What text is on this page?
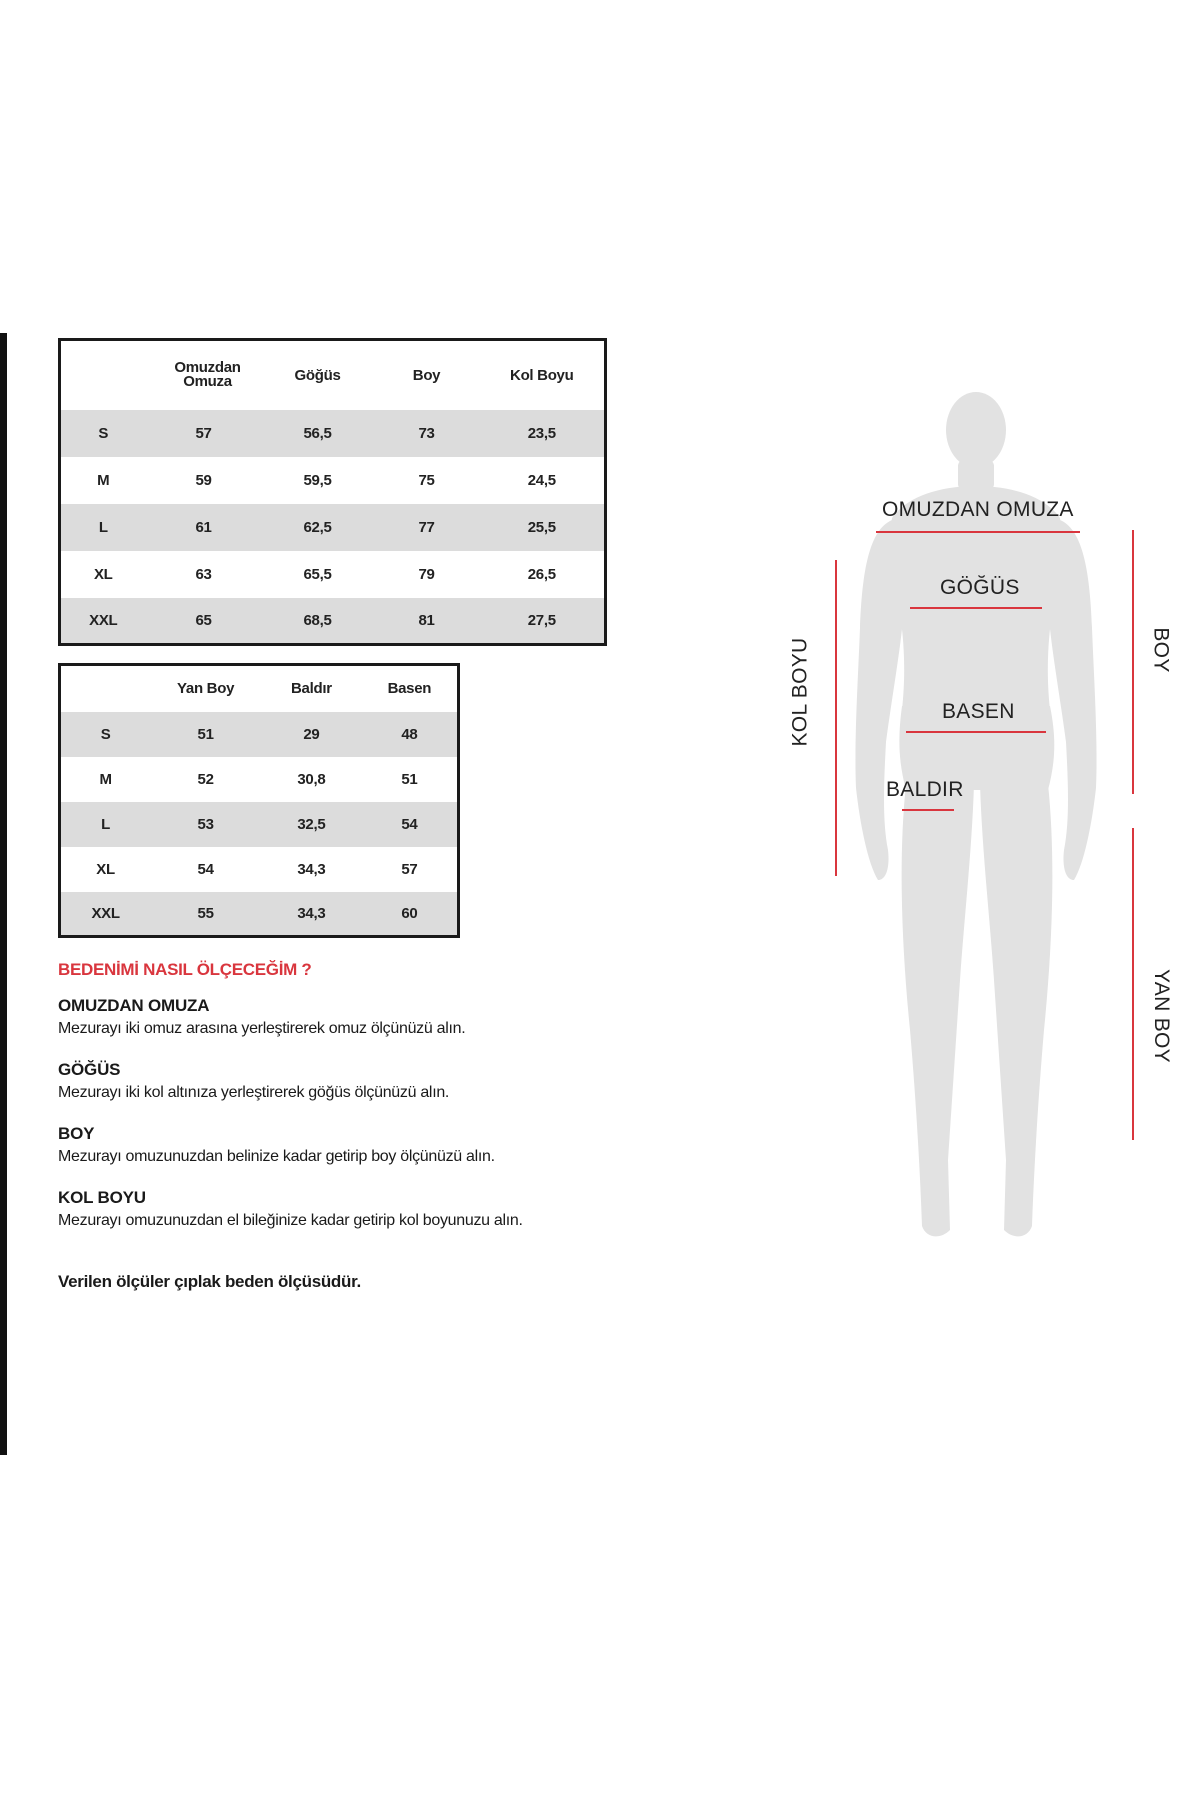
	Omuzdan Omuza	Göğüs	Boy	Kol Boyu
S	57	56,5	73	23,5
M	59	59,5	75	24,5
L	61	62,5	77	25,5
XL	63	65,5	79	26,5
XXL	65	68,5	81	27,5
	Yan Boy	Baldır	Basen
S	51	29	48
M	52	30,8	51
L	53	32,5	54
XL	54	34,3	57
XXL	55	34,3	60

BEDENİMİ NASIL ÖLÇECEĞİM ?

OMUZDAN OMUZA

Mezurayı iki omuz arasına yerleştirerek omuz ölçünüzü alın.

GÖĞÜS

Mezurayı iki kol altınıza yerleştirerek göğüs ölçünüzü alın.

BOY

Mezurayı omuzunuzdan belinize kadar getirip boy ölçünüzü alın.

KOL BOYU

Mezurayı omuzunuzdan el bileğinize kadar getirip kol boyunuzu alın.

Verilen ölçüler çıplak beden ölçüsüdür.

OMUZDAN OMUZA
GÖĞÜS
BASEN
BALDIR
KOL BOYU	BOY
YAN BOY
